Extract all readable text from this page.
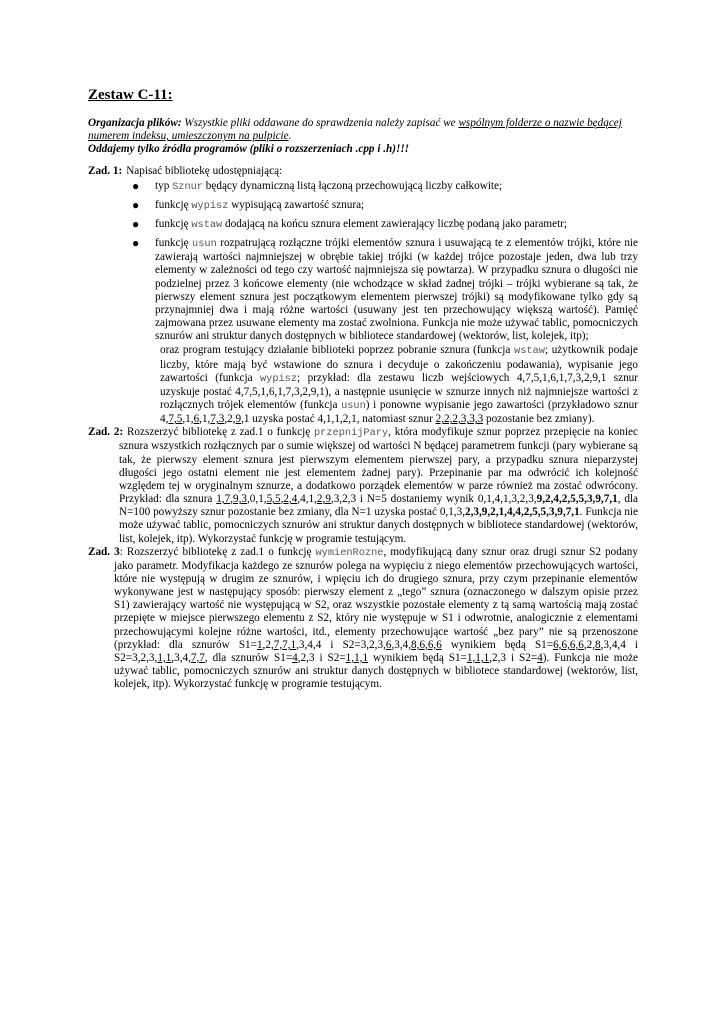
Zestaw C-11:

Organizacja plików: Wszystkie pliki oddawane do sprawdzenia należy zapisać we wspólnym folderze o nazwie będącej numerem indeksu, umieszczonym na pulpicie.

Oddajemy tylko źródła programów (pliki o rozszerzeniach .cpp i .h)!!!

Zad. 1: Napisać bibliotekę udostępniającą:
● typ Sznur będący dynamiczną listą łączoną przechowującą liczby całkowite;
● funkcję wypisz wypisującą zawartość sznura;
● funkcję wstaw dodającą na końcu sznura element zawierający liczbę podaną jako parametr;
● funkcję usun rozpatrującą rozłączne trójki elementów sznura i usuwającą te z elementów trójki, które nie zawierają wartości najmniejszej w obrębie takiej trójki (w każdej trójce pozostaje jeden, dwa lub trzy elementy w zależności od tego czy wartość najmniejsza się powtarza). W przypadku sznura o długości nie podzielnej przez 3 końcowe elementy (nie wchodzące w skład żadnej trójki – trójki wybierane są tak, że pierwszy element sznura jest początkowym elementem pierwszej trójki) są modyfikowane tylko gdy są przynajmniej dwa i mają różne wartości (usuwany jest ten przechowujący większą wartość). Pamięć zajmowana przez usuwane elementy ma zostać zwolniona. Funkcja nie może używać tablic, pomocniczych sznurów ani struktur danych dostępnych w bibliotece standardowej (wektorów, list, kolejek, itp);
oraz program testujący działanie biblioteki poprzez pobranie sznura (funkcja wstaw; użytkownik podaje liczby, które mają być wstawione do sznura i decyduje o zakończeniu podawania), wypisanie jego zawartości (funkcja wypisz; przykład: dla zestawu liczb wejściowych 4,7,5,1,6,1,7,3,2,9,1 sznur uzyskuje postać 4,7,5,1,6,1,7,3,2,9,1), a następnie usunięcie w sznurze innych niż najmniejsze wartości z rozłącznych trójek elementów (funkcja usun) i ponowne wypisanie jego zawartości (przykładowo sznur 4,7,5,1,6,1,7,3,2,9,1 uzyska postać 4,1,1,2,1, natomiast sznur 2,2,2,3,3,3 pozostanie bez zmiany).
Zad. 2: Rozszerzyć bibliotekę z zad.1 o funkcję przepnijPary, która modyfikuje sznur poprzez przepięcie na koniec sznura wszystkich rozłącznych par o sumie większej od wartości N będącej parametrem funkcji (pary wybierane są tak, że pierwszy element sznura jest pierwszym elementem pierwszej pary, a przypadku sznura nieparzystej długości jego ostatni element nie jest elementem żadnej pary). Przepinanie par ma odwrócić ich kolejność względem tej w oryginalnym sznurze, a dodatkowo porządek elementów w parze również ma zostać odwrócony. Przykład: dla sznura 1,7,9,3,0,1,5,5,2,4,4,1,2,9,3,2,3 i N=5 dostaniemy wynik 0,1,4,1,3,2,3,9,2,4,2,5,5,3,9,7,1, dla N=100 powyższy sznur pozostanie bez zmiany, dla N=1 uzyska postać 0,1,3,2,3,9,2,1,4,4,2,5,5,3,9,7,1. Funkcja nie może używać tablic, pomocniczych sznurów ani struktur danych dostępnych w bibliotece standardowej (wektorów, list, kolejek, itp). Wykorzystać funkcję w programie testującym.
Zad. 3: Rozszerzyć bibliotekę z zad.1 o funkcję wymienRozne, modyfikującą dany sznur oraz drugi sznur S2 podany jako parametr. Modyfikacja każdego ze sznurów polega na wypięciu z niego elementów przechowujących wartości, które nie występują w drugim ze sznurów, i wpięciu ich do drugiego sznura, przy czym przepinanie elementów wykonywane jest w następujący sposób: pierwszy element z „tego” sznura (oznaczonego w dalszym opisie przez S1) zawierający wartość nie występującą w S2, oraz wszystkie pozostałe elementy z tą samą wartością mają zostać przepięte w miejsce pierwszego elementu z S2, który nie występuje w S1 i odwrotnie, analogicznie z elementami przechowującymi kolejne różne wartości, itd., elementy przechowujące wartość „bez pary” nie są przenoszone (przykład: dla sznurów S1=1,2,7,7,1,3,4,4 i S2=3,2,3,6,3,4,8,6,6,6 wynikiem będą S1=6,6,6,6,2,8,3,4,4 i S2=3,2,3,1,1,3,4,7,7, dla sznurów S1=4,2,3 i S2=1,1,1 wynikiem będą S1=1,1,1,2,3 i S2=4). Funkcja nie może używać tablic, pomocniczych sznurów ani struktur danych dostępnych w bibliotece standardowej (wektorów, list, kolejek, itp). Wykorzystać funkcję w programie testującym.
